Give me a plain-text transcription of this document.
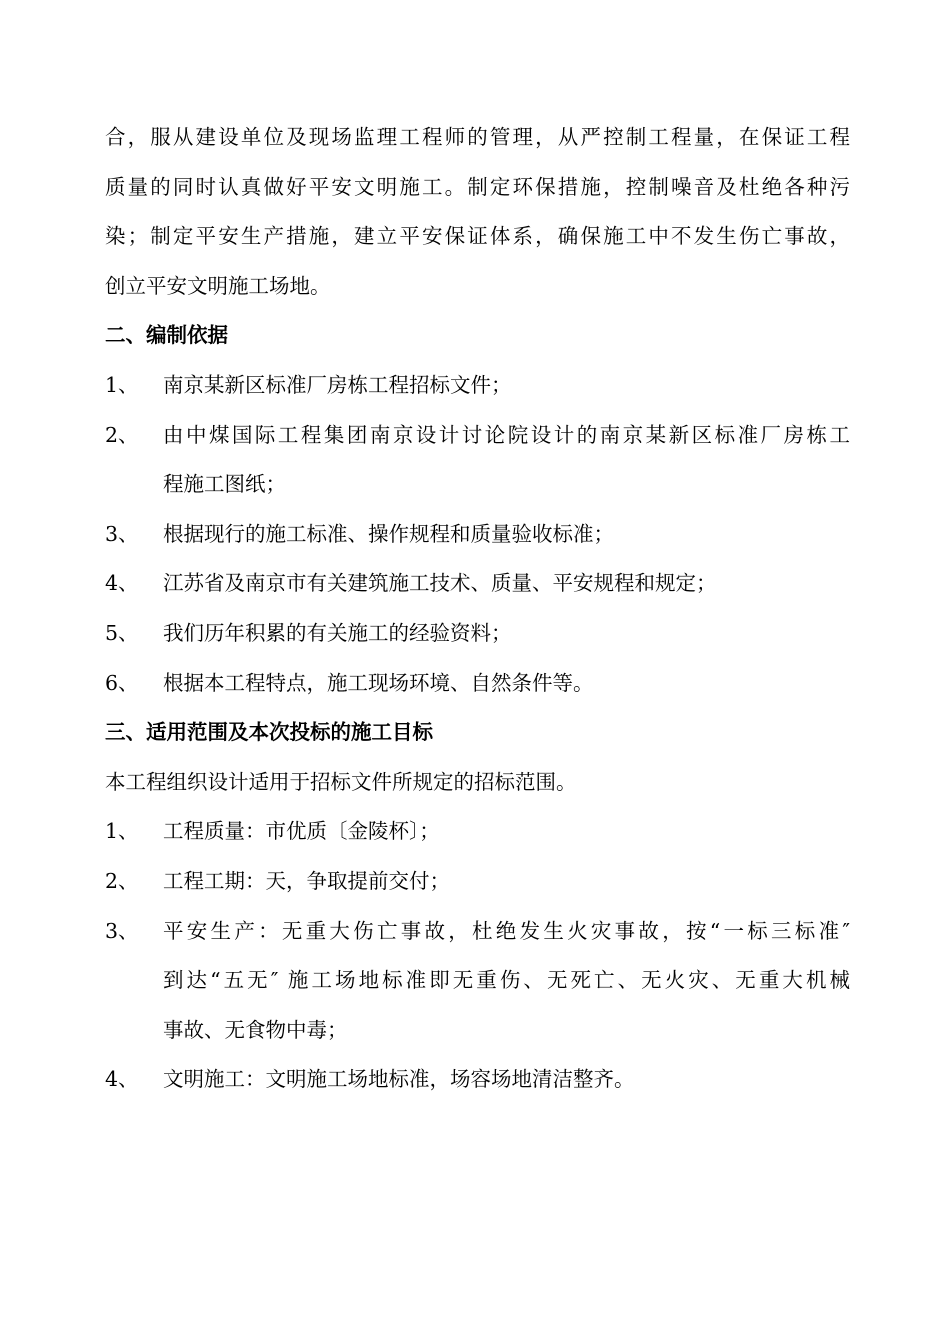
合，服从建设单位及现场监理工程师的管理，从严控制工程量，在保证工程
质量的同时认真做好平安文明施工。制定环保措施，控制噪音及杜绝各种污
染；制定平安生产措施，建立平安保证体系，确保施工中不发生伤亡事故，
创立平安文明施工场地。
二、编制依据
1、	南京某新区标准厂房栋工程招标文件；
2、	由中煤国际工程集团南京设计讨论院设计的南京某新区标准厂房栋工
程施工图纸；
3、	根据现行的施工标准、操作规程和质量验收标准；
4、	江苏省及南京市有关建筑施工技术、质量、平安规程和规定；
5、	我们历年积累的有关施工的经验资料；
6、	根据本工程特点，施工现场环境、自然条件等。
三、适用范围及本次投标的施工目标
本工程组织设计适用于招标文件所规定的招标范围。
1、	工程质量：市优质〔金陵杯〕；
2、	工程工期：天，争取提前交付；
3、	平安生产：无重大伤亡事故，杜绝发生火灾事故，按“一标三标准″
到达“五无″ 施工场地标准即无重伤、无死亡、无火灾、无重大机械
事故、无食物中毒；
4、	文明施工：文明施工场地标准，场容场地清洁整齐。
